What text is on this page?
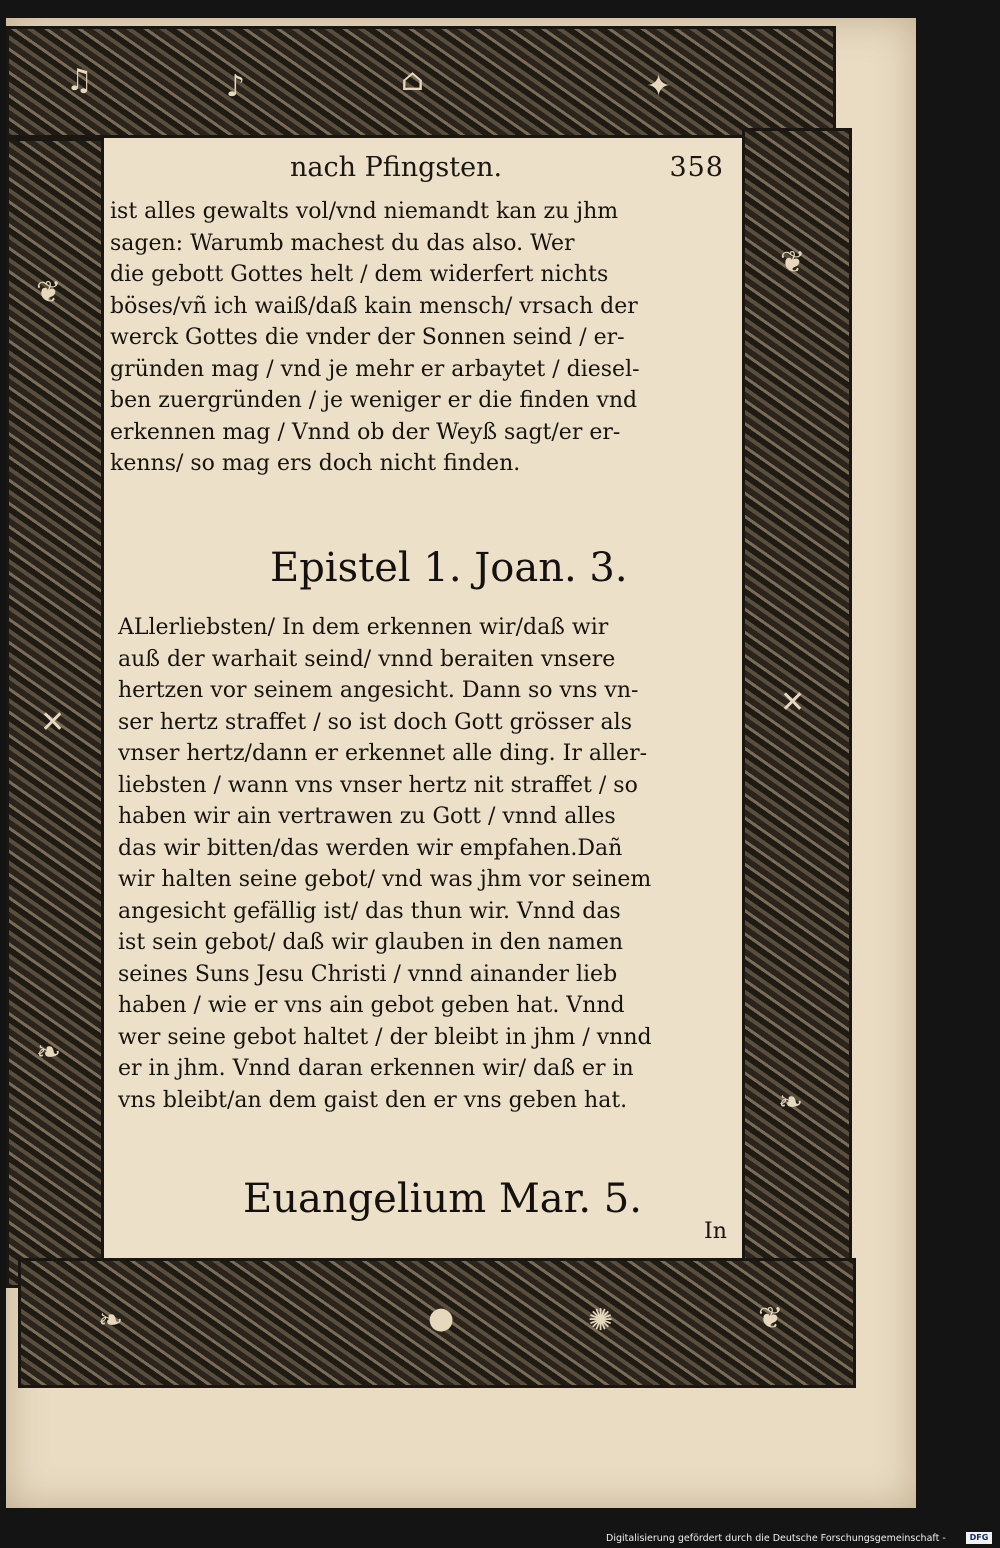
♫	♪	⌂	✦
❦
✕
❧
❦
✕
❧
❧	●	✺	❦
nach Pfingsten.	358

ist alles gewalts vol/vnd niemandt kan zu jhm
sagen: Warumb machest du das also. Wer
die gebott Gottes helt / dem widerfert nichts
böses/vñ ich waiß/daß kain mensch/ vrsach der
werck Gottes die vnder der Sonnen seind / er-
gründen mag / vnd je mehr er arbaytet / diesel-
ben zuergründen / je weniger er die finden vnd
erkennen mag / Vnnd ob der Weyß sagt/er er-
kenns/ so mag ers doch nicht finden.

Epistel 1. Joan. 3.

ALlerliebsten/ In dem erkennen wir/daß wir
auß der warhait seind/ vnnd beraiten vnsere
hertzen vor seinem angesicht. Dann so vns vn-
ser hertz straffet / so ist doch Gott grösser als
vnser hertz/dann er erkennet alle ding. Ir aller-
liebsten / wann vns vnser hertz nit straffet / so
haben wir ain vertrawen zu Gott / vnnd alles
das wir bitten/das werden wir empfahen.Dañ
wir halten seine gebot/ vnd was jhm vor seinem
angesicht gefällig ist/ das thun wir. Vnnd das
ist sein gebot/ daß wir glauben in den namen
seines Suns Jesu Christi / vnnd ainander lieb
haben / wie er vns ain gebot geben hat. Vnnd
wer seine gebot haltet / der bleibt in jhm / vnnd
er in jhm. Vnnd daran erkennen wir/ daß er in
vns bleibt/an dem gaist den er vns geben hat.

Euangelium Mar. 5.
In
Digitalisierung gefördert durch die Deutsche Forschungsgemeinschaft -	DFG
